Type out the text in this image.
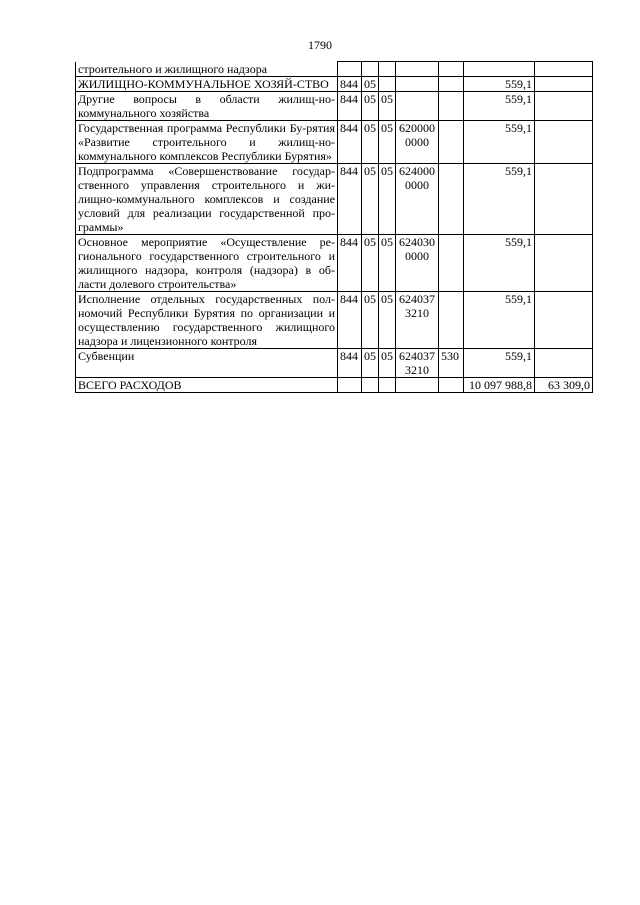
1790
строительного и жилищного надзора							
ЖИЛИЩНО-КОММУНАЛЬНОЕ ХОЗЯЙ-СТВО	844	05				559,1	
Другие вопросы в области жилищ-но-коммунального хозяйства	844	05	05			559,1	
Государственная программа Республики Бу-рятия «Развитие строительного и жилищ-но-коммунального комплексов Республики Бурятия»	844	05	05	620000 0000		559,1	
Подпрограмма «Совершенствование государ-ственного управления строительного и жи-лищно-коммунального комплексов и создание условий для реализации государственной про-граммы»	844	05	05	624000 0000		559,1	
Основное мероприятие «Осуществление ре-гионального государственного строительного и жилищного надзора, контроля (надзора) в об-ласти долевого строительства»	844	05	05	624030 0000		559,1	
Исполнение отдельных государственных пол-номочий Республики Бурятия по организации и осуществлению государственного жилищного надзора и лицензионного контроля	844	05	05	624037 3210		559,1	
Субвенции	844	05	05	624037 3210	530	559,1	
ВСЕГО РАСХОДОВ						10 097 988,8	63 309,0
